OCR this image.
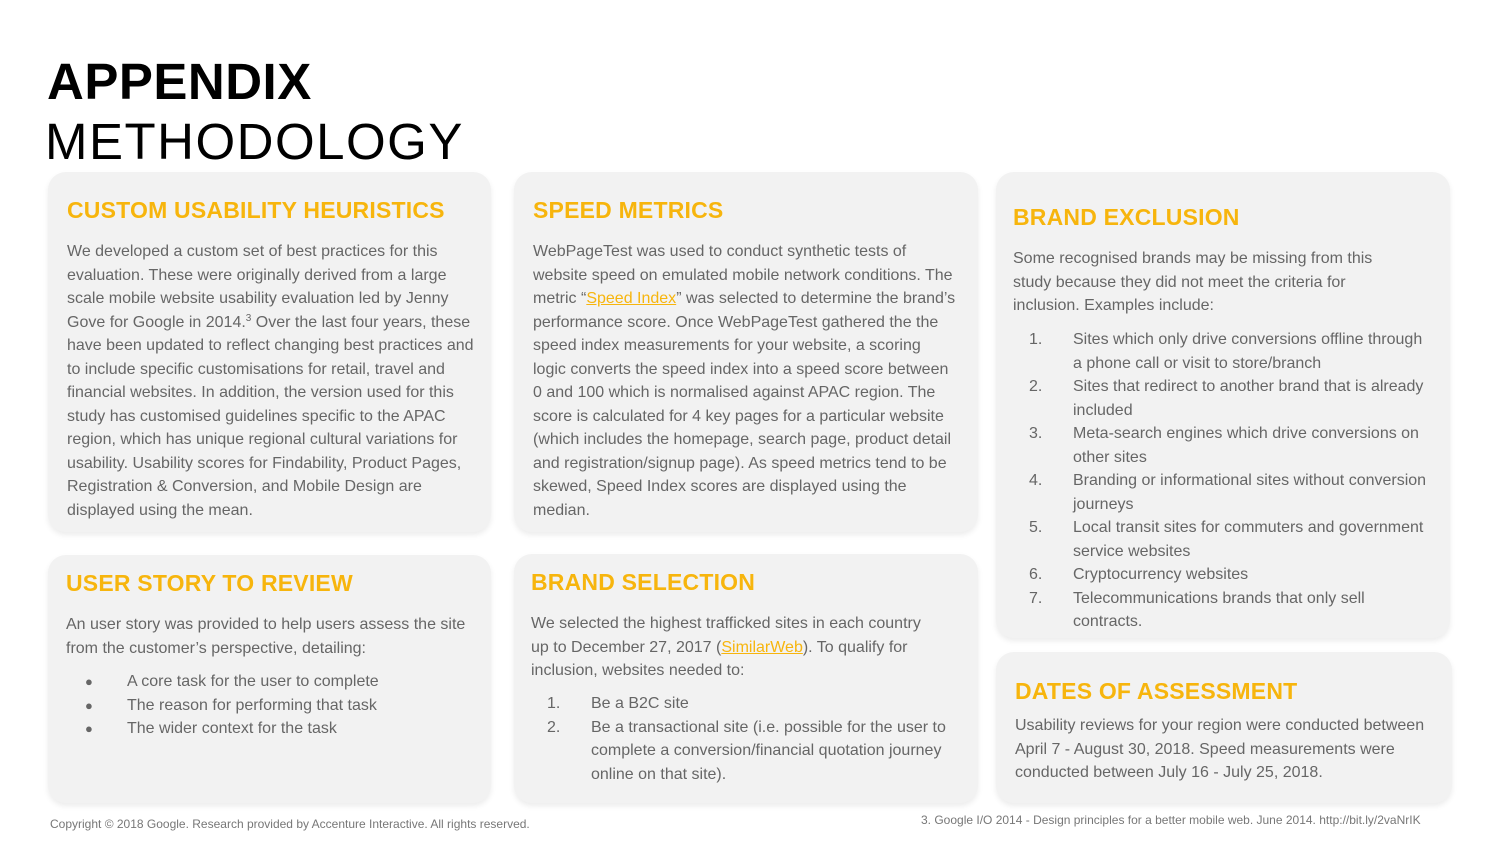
APPENDIX
METHODOLOGY
CUSTOM USABILITY HEURISTICS

We developed a custom set of best practices for this evaluation. These were originally derived from a large scale mobile website usability evaluation led by Jenny Gove for Google in 2014.$^3$ Over the last four years, these have been updated to reflect changing best practices and to include specific customisations for retail, travel and financial websites. In addition, the version used for this study has customised guidelines specific to the APAC region, which has unique regional cultural variations for usability. Usability scores for Findability, Product Pages, Registration & Conversion, and Mobile Design are displayed using the mean.

SPEED METRICS

WebPageTest was used to conduct synthetic tests of website speed on emulated mobile network conditions. The metric “Speed Index” was selected to determine the brand’s performance score. Once WebPageTest gathered the the speed index measurements for your website, a scoring logic converts the speed index into a speed score between 0 and 100 which is normalised against APAC region. The score is calculated for 4 key pages for a particular website (which includes the homepage, search page, product detail and registration/signup page). As speed metrics tend to be skewed, Speed Index scores are displayed using the median.

BRAND EXCLUSION

Some recognised brands may be missing from this study because they did not meet the criteria for inclusion. Examples include:

1. Sites which only drive conversions offline through a phone call or visit to store/branch
2. Sites that redirect to another brand that is already included
3. Meta-search engines which drive conversions on other sites
4. Branding or informational sites without conversion journeys
5. Local transit sites for commuters and government service websites
6. Cryptocurrency websites
7. Telecommunications brands that only sell contracts.
USER STORY TO REVIEW

An user story was provided to help users assess the site from the customer’s perspective, detailing:

● A core task for the user to complete
● The reason for performing that task
● The wider context for the task
BRAND SELECTION

We selected the highest trafficked sites in each country up to December 27, 2017 (SimilarWeb). To qualify for inclusion, websites needed to:

1. Be a B2C site
2. Be a transactional site (i.e. possible for the user to complete a conversion/financial quotation journey online on that site).
DATES OF ASSESSMENT

Usability reviews for your region were conducted between April 7 - August 30, 2018. Speed measurements were conducted between July 16 - July 25, 2018.

Copyright © 2018 Google. Research provided by Accenture Interactive. All rights reserved.	3. Google I/O 2014 - Design principles for a better mobile web. June 2014. http://bit.ly/2vaNrIK
